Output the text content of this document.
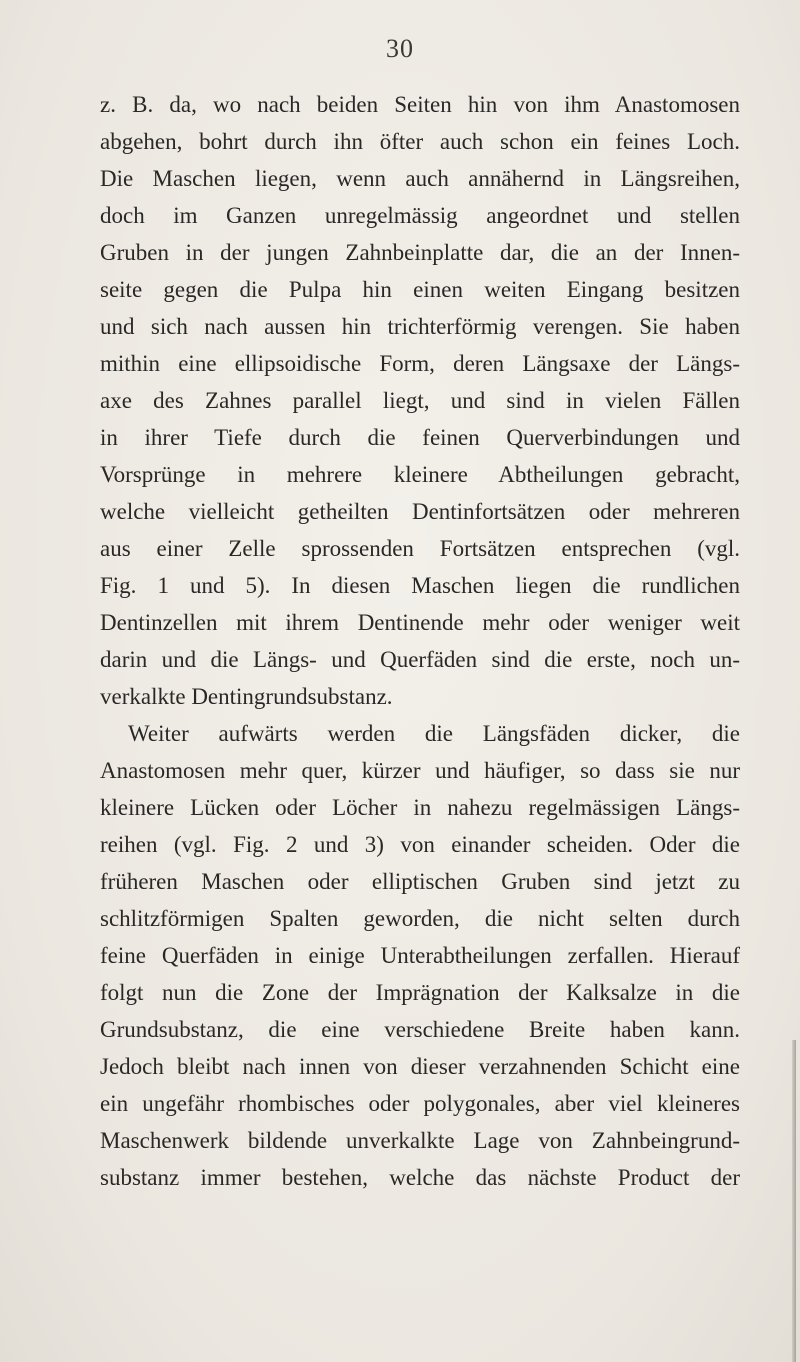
30
z. B. da, wo nach beiden Seiten hin von ihm Anastomosen
abgehen, bohrt durch ihn öfter auch schon ein feines Loch.
Die Maschen liegen, wenn auch annähernd in Längsreihen,
doch im Ganzen unregelmässig angeordnet und stellen
Gruben in der jungen Zahnbeinplatte dar, die an der Innen-
seite gegen die Pulpa hin einen weiten Eingang besitzen
und sich nach aussen hin trichterförmig verengen. Sie haben
mithin eine ellipsoidische Form, deren Längsaxe der Längs-
axe des Zahnes parallel liegt, und sind in vielen Fällen
in ihrer Tiefe durch die feinen Querverbindungen und
Vorsprünge in mehrere kleinere Abtheilungen gebracht,
welche vielleicht getheilten Dentinfortsätzen oder mehreren
aus einer Zelle sprossenden Fortsätzen entsprechen (vgl.
Fig. 1 und 5). In diesen Maschen liegen die rundlichen
Dentinzellen mit ihrem Dentinende mehr oder weniger weit
darin und die Längs- und Querfäden sind die erste, noch un-
verkalkte Dentingrundsubstanz.
Weiter aufwärts werden die Längsfäden dicker, die
Anastomosen mehr quer, kürzer und häufiger, so dass sie nur
kleinere Lücken oder Löcher in nahezu regelmässigen Längs-
reihen (vgl. Fig. 2 und 3) von einander scheiden. Oder die
früheren Maschen oder elliptischen Gruben sind jetzt zu
schlitzförmigen Spalten geworden, die nicht selten durch
feine Querfäden in einige Unterabtheilungen zerfallen. Hierauf
folgt nun die Zone der Imprägnation der Kalksalze in die
Grundsubstanz, die eine verschiedene Breite haben kann.
Jedoch bleibt nach innen von dieser verzahnenden Schicht eine
ein ungefähr rhombisches oder polygonales, aber viel kleineres
Maschenwerk bildende unverkalkte Lage von Zahnbeingrund-
substanz immer bestehen, welche das nächste Product der
